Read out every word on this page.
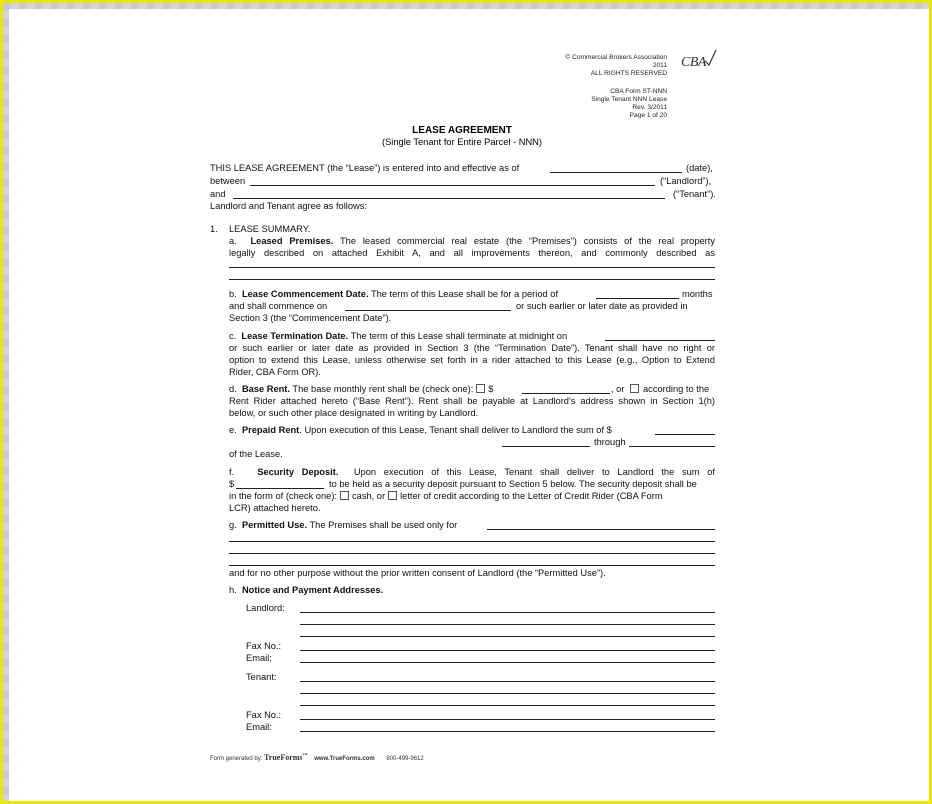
© Commercial Brokers Association
2011
ALL RIGHTS RESERVED
CBA
CBA Form ST-NNN
Single Tenant NNN Lease
Rev. 3/2011
Page 1 of 20
LEASE AGREEMENT
(Single Tenant for Entire Parcel - NNN)
THIS LEASE AGREEMENT (the “Lease”) is entered into and effective as of	(date),
between	(“Landlord”),
and	(“Tenant”).
Landlord and Tenant agree as follows:
1. LEASE SUMMARY.
a. Leased Premises. The leased commercial real estate (the “Premises”) consists of the real property
legally described on attached Exhibit A, and all improvements thereon, and commonly described as
b. Lease Commencement Date. The term of this Lease shall be for a period of	months
and shall commence on	or such earlier or later date as provided in
Section 3 (the “Commencement Date”).
c. Lease Termination Date. The term of this Lease shall terminate at midnight on
or such earlier or later date as provided in Section 3 (the “Termination Date”). Tenant shall have no right or
option to extend this Lease, unless otherwise set forth in a rider attached to this Lease (e.g., Option to Extend
Rider, CBA Form OR).
d. Base Rent. The base monthly rent shall be (check one): $	, or	according to the
Rent Rider attached hereto (“Base Rent”). Rent shall be payable at Landlord's address shown in Section 1(h)
below, or such other place designated in writing by Landlord.
e. Prepaid Rent. Upon execution of this Lease, Tenant shall deliver to Landlord the sum of $
through
of the Lease.
f. Security Deposit. Upon execution of this Lease, Tenant shall deliver to Landlord the sum of
$	to be held as a security deposit pursuant to Section 5 below. The security deposit shall be
in the form of (check one): cash, or letter of credit according to the Letter of Credit Rider (CBA Form
LCR) attached hereto.
g. Permitted Use. The Premises shall be used only for
and for no other purpose without the prior written consent of Landlord (the “Permitted Use”).
h. Notice and Payment Addresses.
Landlord:
Fax No.:
Email:
Tenant:
Fax No.:
Email:
Form generated by: TrueForms™    www.TrueForms.com 800-499-9612
